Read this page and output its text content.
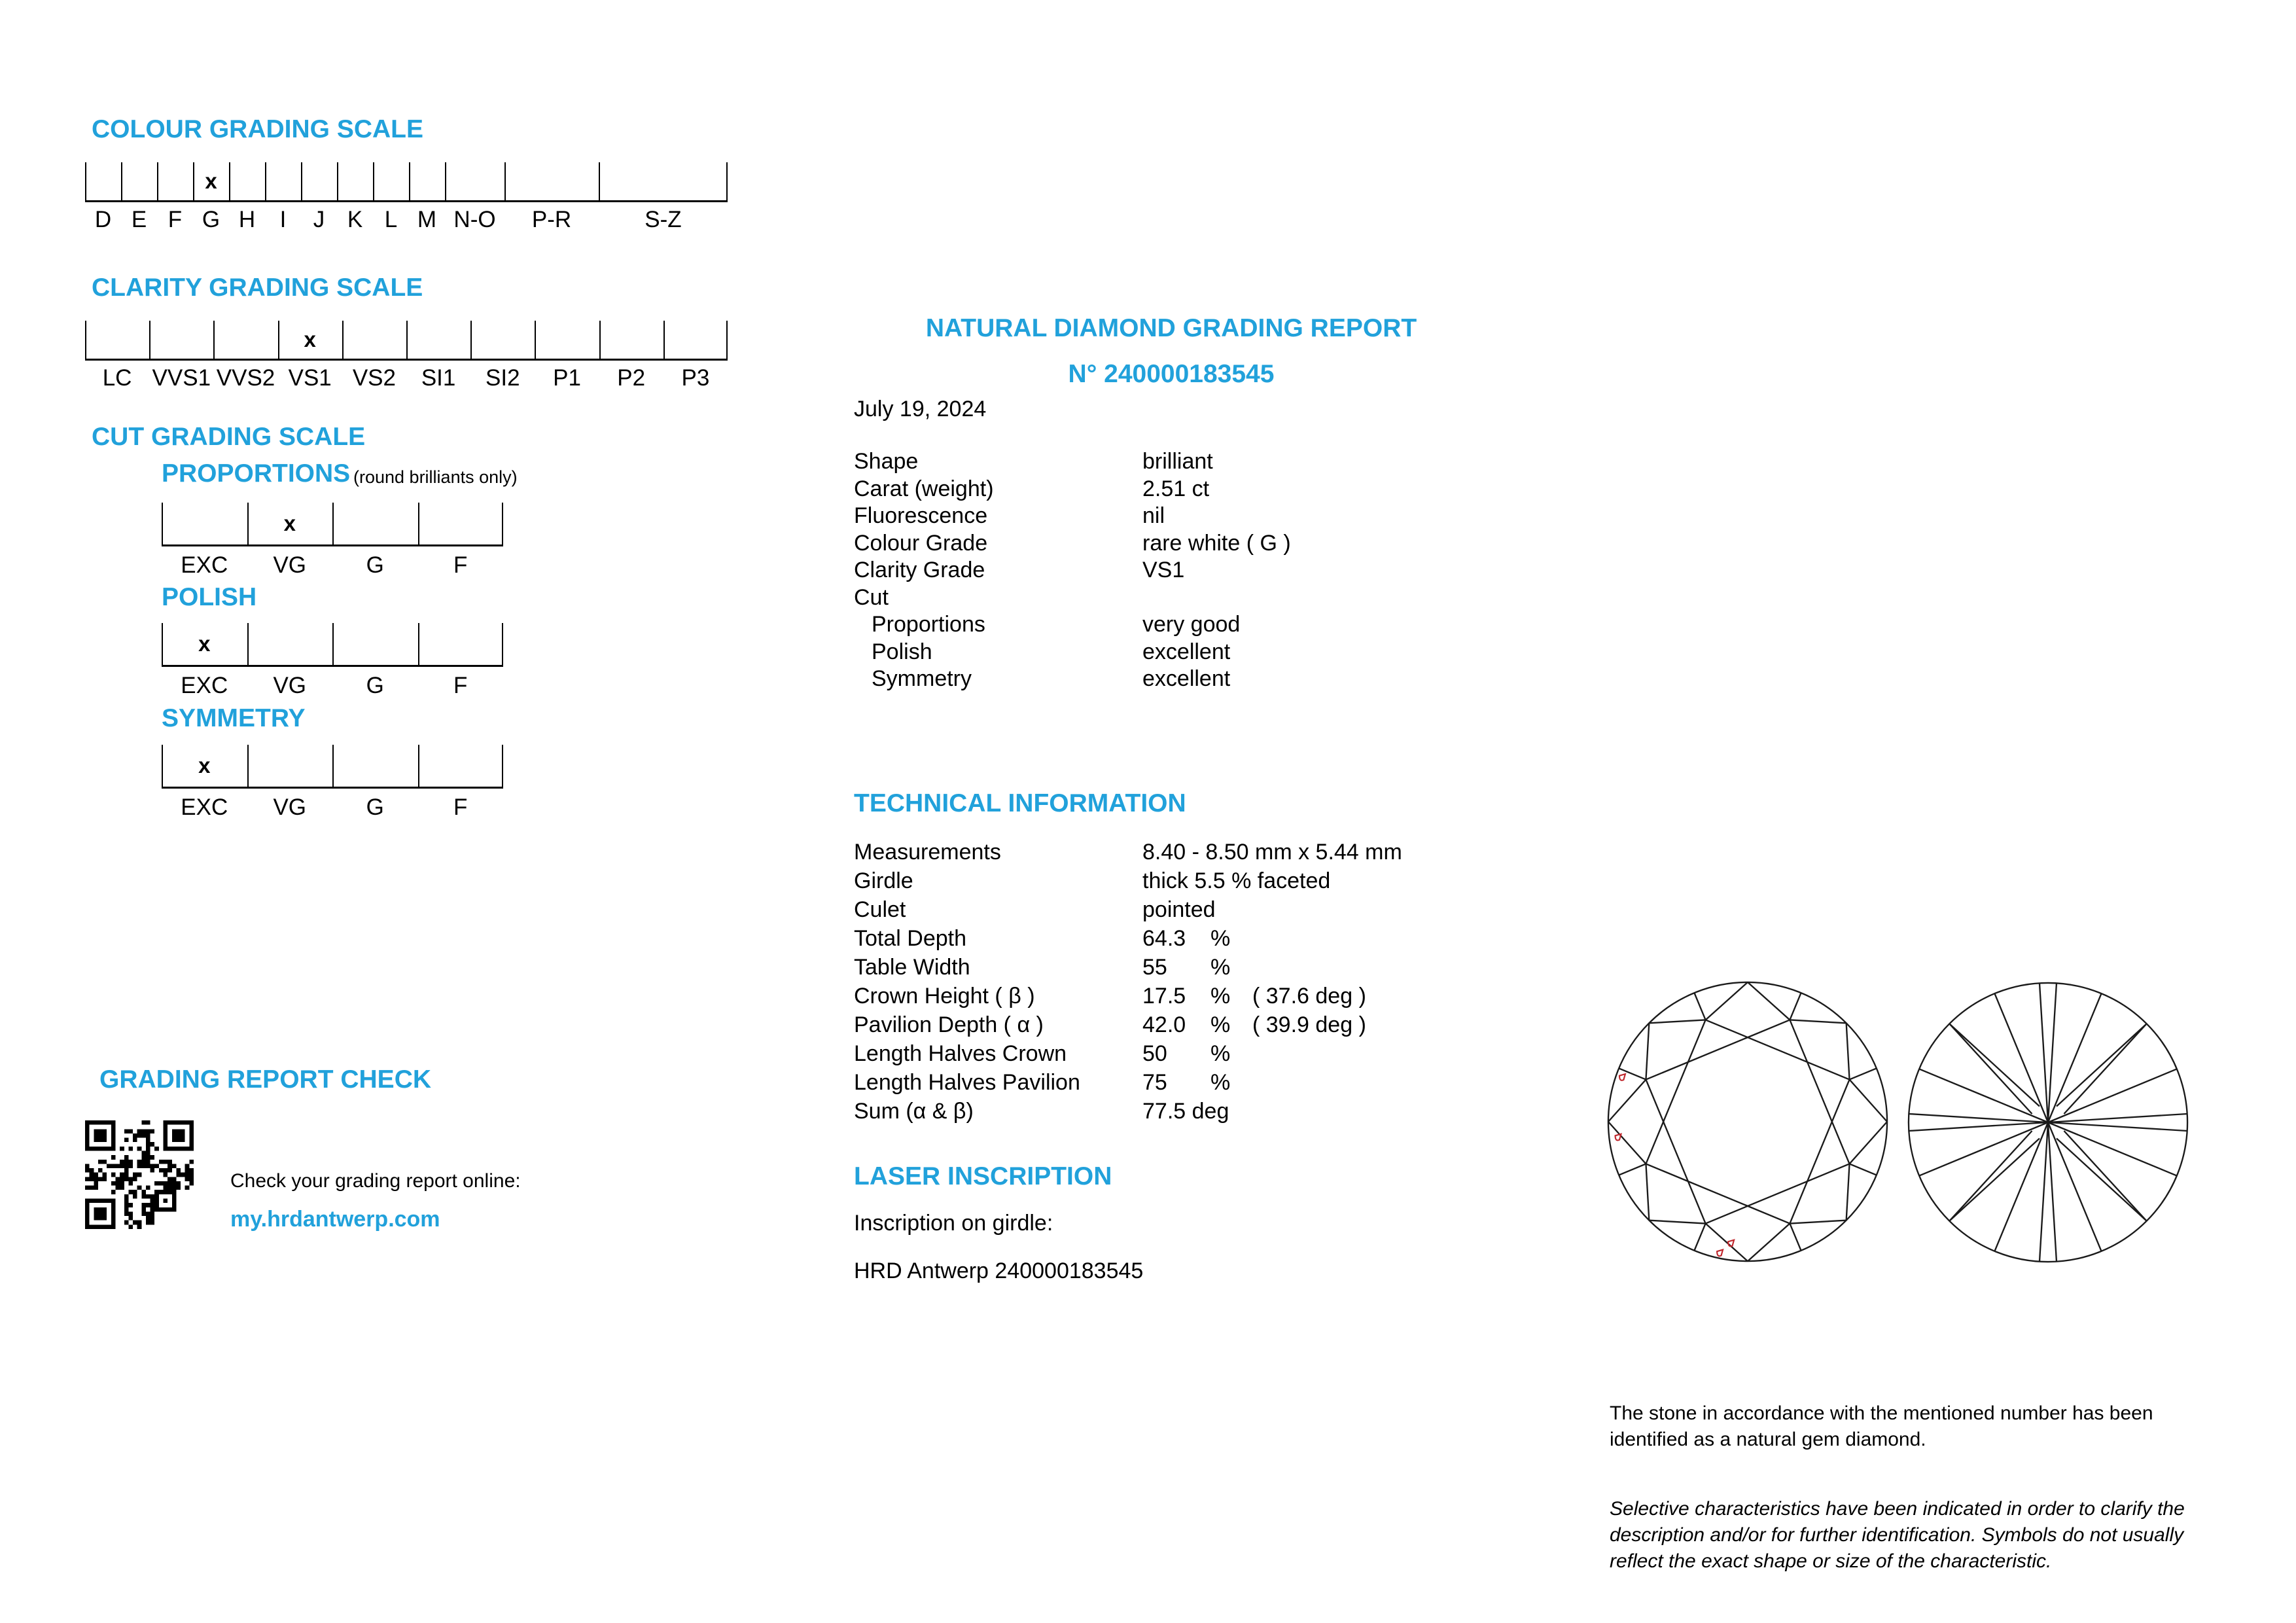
COLOUR GRADING SCALE
D E F G
x
H I J K L M N-O P-R	S-Z
CLARITY GRADING SCALE
LC VVS1 VVS2 VS1
x
VS2 SI1 SI2 P1 P2 P3
CUT GRADING SCALE
PROPORTIONS (round brilliants only)
EXC VG
x
G	F
POLISH
EXC
x
VG	G	F
SYMMETRY
EXC
x
VG	G	F
GRADING REPORT CHECK
Check your grading report online:
my.hrdantwerp.com
NATURAL DIAMOND GRADING REPORT
N° 240000183545
July 19, 2024
Shape	brilliant
Carat (weight)	2.51 ct
Fluorescence	nil
Colour Grade	rare white ( G )
Clarity Grade	VS1
Cut
Proportions	very good
Polish	excellent
Symmetry	excellent
TECHNICAL INFORMATION
Measurements	8.40 - 8.50 mm x 5.44 mm
Girdle	thick 5.5 % faceted
Culet	pointed
Total Depth	64.3 %
Table Width	55 %
Crown Height ( β )	17.5 % ( 37.6 deg )
Pavilion Depth ( α )	42.0 % ( 39.9 deg )
Length Halves Crown	50 %
Length Halves Pavilion	75 %
Sum (α & β)	77.5 deg
LASER INSCRIPTION
Inscription on girdle:
HRD Antwerp 240000183545
The stone in accordance with the mentioned number has been identified as a natural gem diamond.
Selective characteristics have been indicated in order to clarify the description and/or for further identification. Symbols do not usually reflect the exact shape or size of the characteristic.
